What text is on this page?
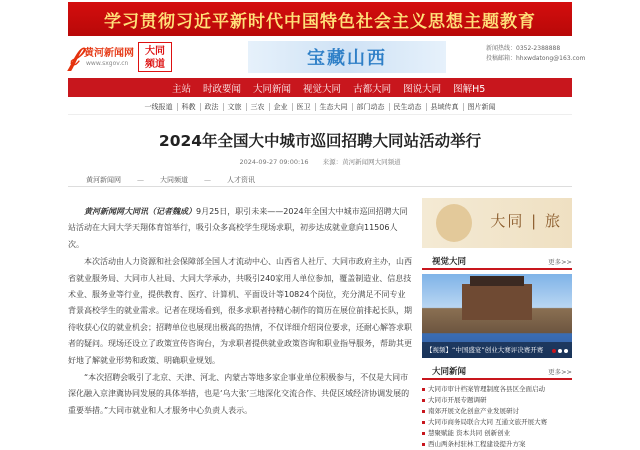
学习贯彻习近平新时代中国特色社会主义思想主题教育
𝒻 黄河新闻网
www.sxgov.cn
大同
频道	宝藏山西	新闻热线：0352-2388888
投稿邮箱：hhxwdatong@163.com
主站 时政要闻 大同新闻 视觉大同 古都大同 图说大同 图解H5
一线报道	科教	政法	文旅	三农	企业	医卫	生态大同	部门动态	民生动态	县域传真	图片新闻
2024年全国大中城市巡回招聘大同站活动举行
2024-09-27 09:00:16 来源：黄河新闻网大同频道
黄河新闻网 — 大同频道 — 人才资讯

黄河新闻网大同讯（记者魏成）9月25日，职引未来——2024年全国大中城市巡回招聘大同站活动在大同大学天翔体育馆举行，吸引众多高校学生现场求职，初步达成就业意向11506人次。

本次活动由人力资源和社会保障部全国人才流动中心、山西省人社厅、大同市政府主办，山西省就业服务局、大同市人社局、大同大学承办，共吸引240家用人单位参加，覆盖制造业、信息技术业、服务业等行业，提供教育、医疗、计算机、平面设计等10824个岗位，充分满足不同专业背景高校学生的就业需求。记者在现场看到，很多求职者持精心制作的简历在展位前排起长队，期待收获心仪的就业机会；招聘单位也展现出极高的热情，不仅详细介绍岗位要求，还耐心解答求职者的疑问。现场还设立了政策宣传咨询台，为求职者提供就业政策咨询和职业指导服务，帮助其更好地了解就业形势和政策、明确职业规划。

“本次招聘会吸引了北京、天津、河北、内蒙古等地多家企事业单位积极参与，不仅是大同市深化融入京津冀协同发展的具体举措，也是‘乌大张’三地深化交流合作、共促区域经济协调发展的重要举措。”大同市就业和人才服务中心负责人表示。

大同 | 旅
视觉大同	更多>>
【视频】“中国盛宴”创业大赛评决赛开赛
大同新闻	更多>>
大同市审计档案管理制度各县区全面启动
大同市开展专题调研
南郊开展文化创意产业发展研讨
大同市商务局联合大同 互通文旅开展大赛
慧聚赋能 资本共同 创新创业
西山两条村驻林工程建设提升方案
